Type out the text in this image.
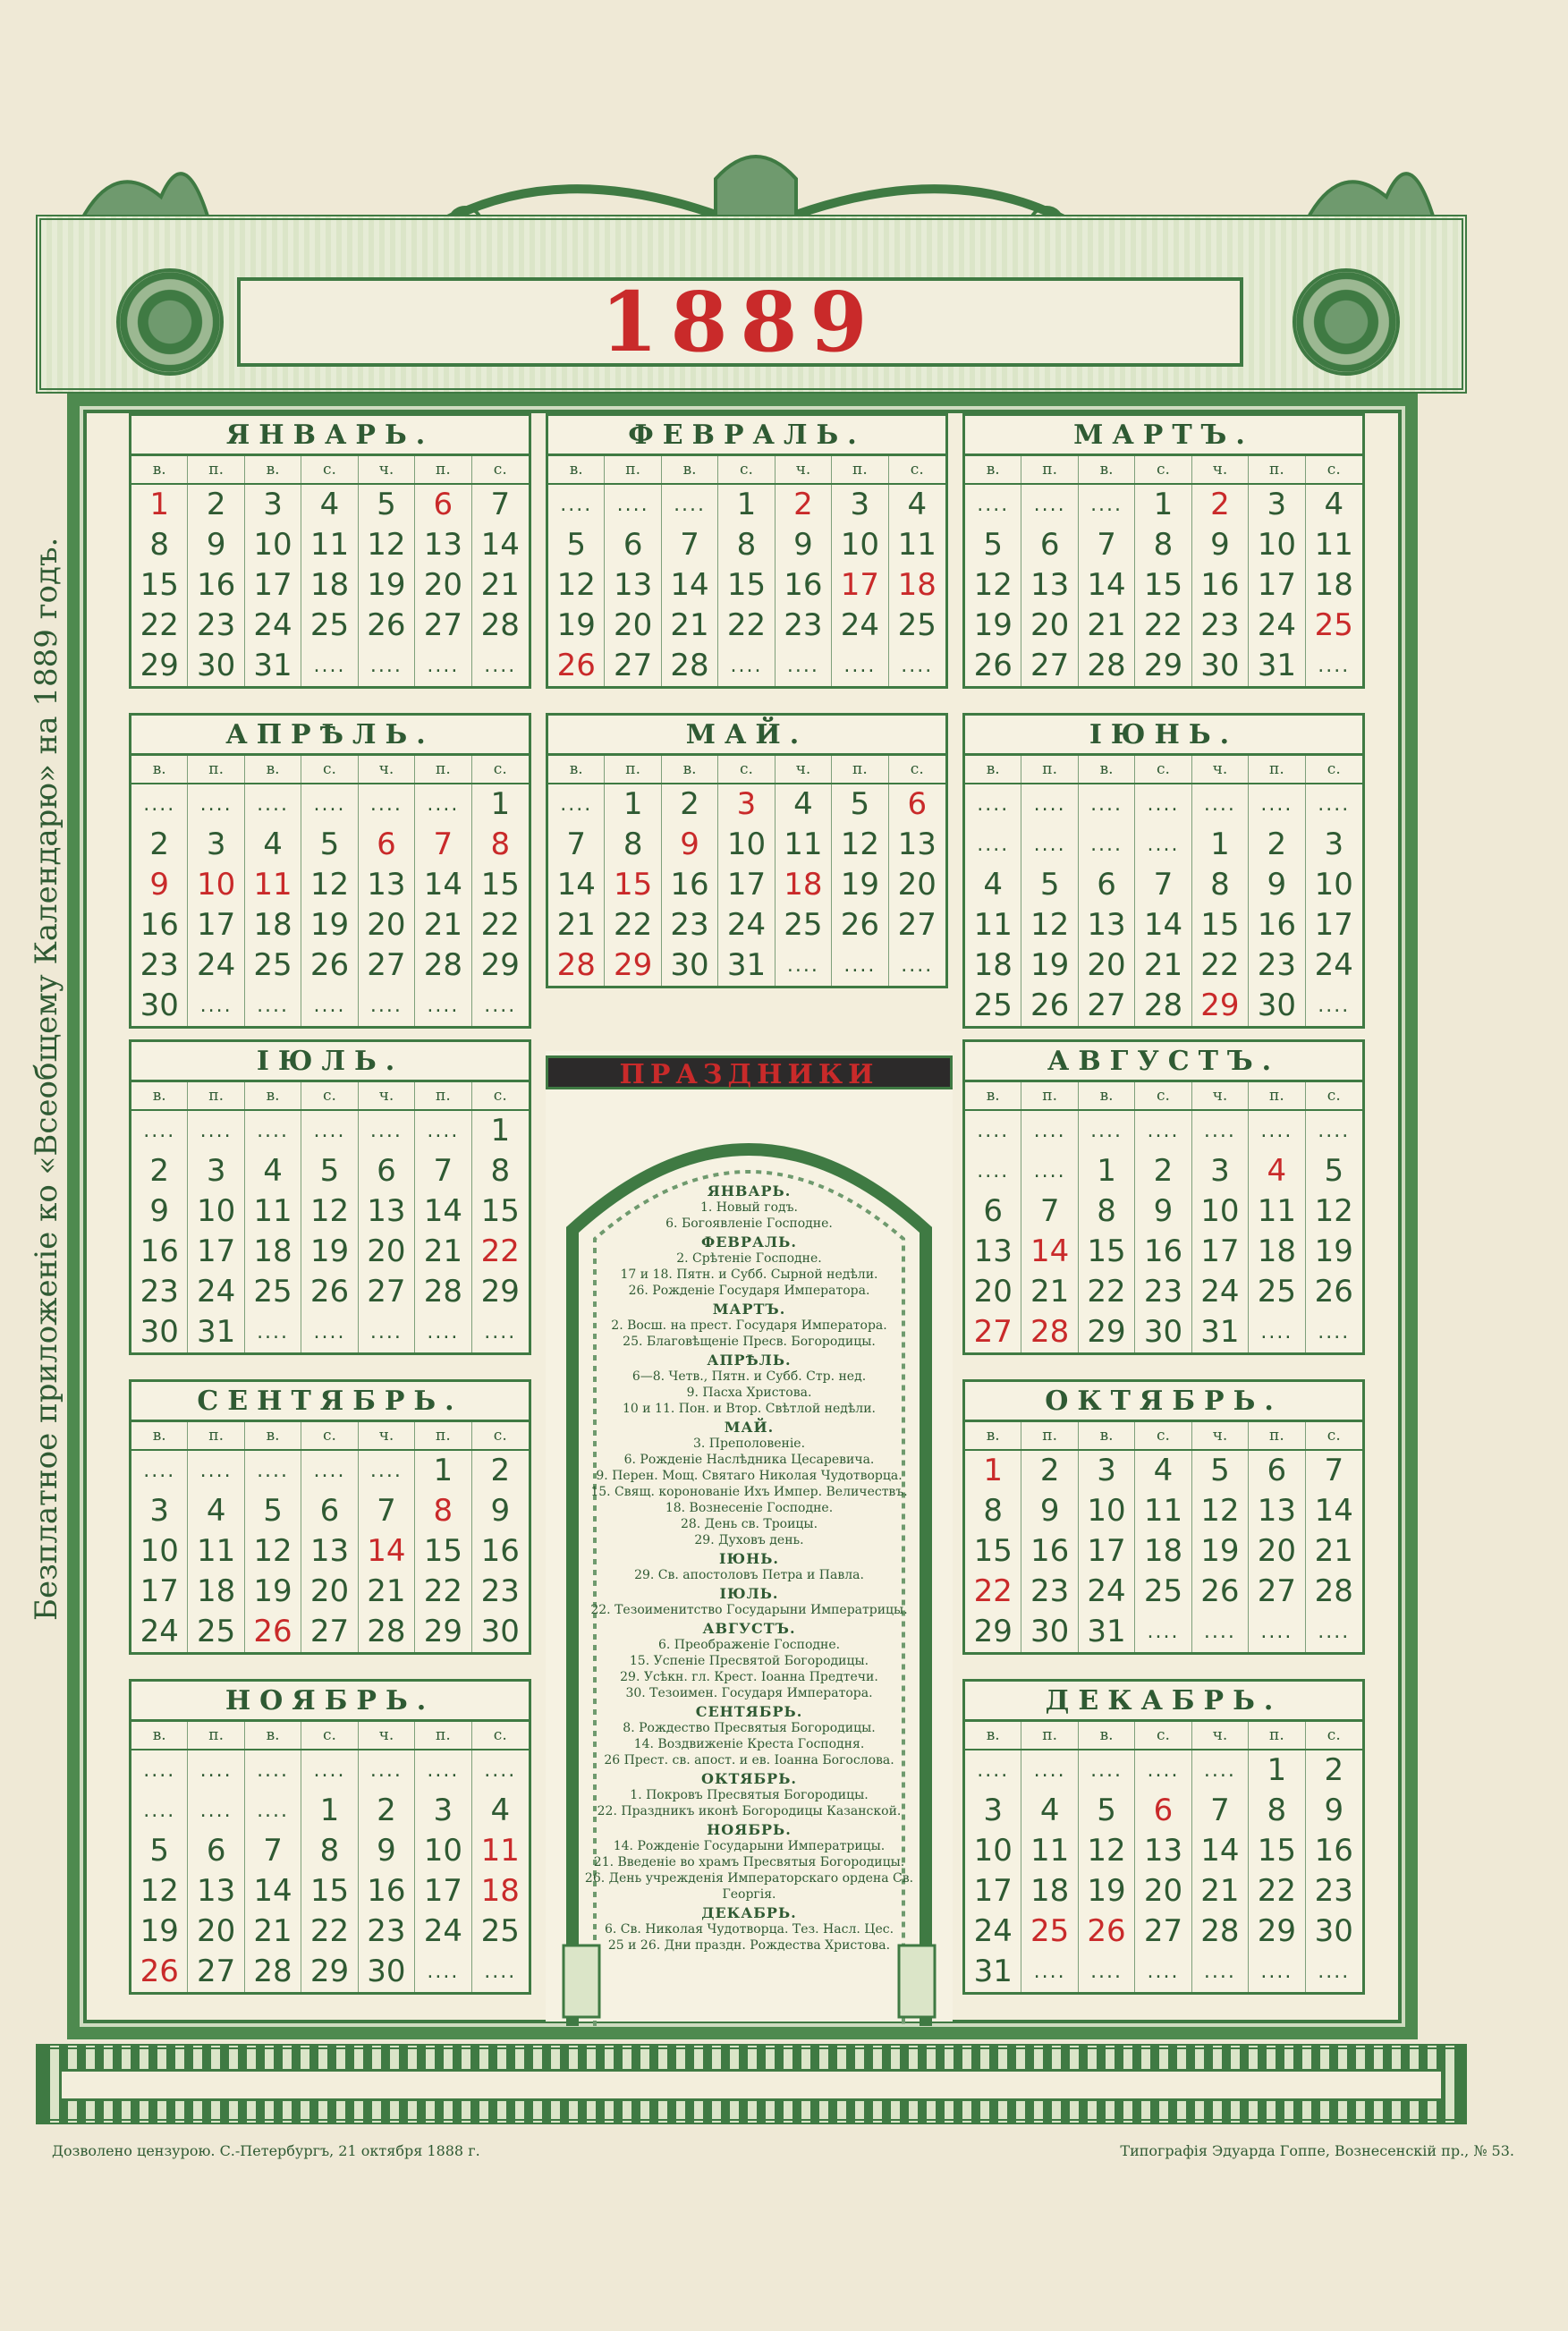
1889
Безплатное приложеніе ко «Всеобщему Календарю» на 1889 годъ.
ЯНВАРЬ.
в.	п.	в.	с.	ч.	п.	с.
1	2	3	4	5	6	7
8	9 10 11 12 13 14
15 16 17 18 19 20 21
22 23 24 25 26 27 28
29 30 31	....	....	....	....
ФЕВРАЛЬ.
в.	п.	в.	с.	ч.	п.	с.
....	....	....	1	2	3	4
5	6	7	8	9 10 11
12 13 14 15 16 17 18
19 20 21 22 23 24 25
26 27 28	....	....	....	....
МАРТЪ.
в.	п.	в.	с.	ч.	п.	с.
....	....	....	1	2	3	4
5	6	7	8	9 10 11
12 13 14 15 16 17 18
19 20 21 22 23 24 25
26 27 28 29 30 31	....
АПРѢЛЬ.
в.	п.	в.	с.	ч.	п.	с.
....	....	....	....	....	....	1
2	3	4	5	6	7	8
9 10 11 12 13 14 15
16 17 18 19 20 21 22
23 24 25 26 27 28 29
30	....	....	....	....	....	....
МАЙ.
в.	п.	в.	с.	ч.	п.	с.
....	1	2	3	4	5	6
7	8	9 10 11 12 13
14 15 16 17 18 19 20
21 22 23 24 25 26 27
28 29 30 31	....	....	....
ІЮНЬ.
в.	п.	в.	с.	ч.	п.	с.
....	....	....	....	....	....	....
....	....	....	....	1	2	3
4	5	6	7	8	9 10
11 12 13 14 15 16 17
18 19 20 21 22 23 24
25 26 27 28 29 30	....
ІЮЛЬ.
в.	п.	в.	с.	ч.	п.	с.
....	....	....	....	....	....	1
2	3	4	5	6	7	8
9 10 11 12 13 14 15
16 17 18 19 20 21 22
23 24 25 26 27 28 29
30 31	....	....	....	....	....
АВГУСТЪ.
в.	п.	в.	с.	ч.	п.	с.
....	....	....	....	....	....	....
....	....	1	2	3	4	5
6	7	8	9 10 11 12
13 14 15 16 17 18 19
20 21 22 23 24 25 26
27 28 29 30 31	....	....
СЕНТЯБРЬ.
в.	п.	в.	с.	ч.	п.	с.
....	....	....	....	....	1	2
3	4	5	6	7	8	9
10 11 12 13 14 15 16
17 18 19 20 21 22 23
24 25 26 27 28 29 30
ОКТЯБРЬ.
в.	п.	в.	с.	ч.	п.	с.
1	2	3	4	5	6	7
8	9 10 11 12 13 14
15 16 17 18 19 20 21
22 23 24 25 26 27 28
29 30 31	....	....	....	....
НОЯБРЬ.
в.	п.	в.	с.	ч.	п.	с.
....	....	....	....	....	....	....
....	....	....	1	2	3	4
5	6	7	8	9 10 11
12 13 14 15 16 17 18
19 20 21 22 23 24 25
26 27 28 29 30	....	....
ДЕКАБРЬ.
в.	п.	в.	с.	ч.	п.	с.
....	....	....	....	....	1	2
3	4	5	6	7	8	9
10 11 12 13 14 15 16
17 18 19 20 21 22 23
24 25 26 27 28 29 30
31	....	....	....	....	....	....
ПРАЗДНИКИ
ЯНВАРЬ.
1. Новый годъ.
6. Богоявленіе Господне.
ФЕВРАЛЬ.
2. Срѣтеніе Господне.
17 и 18. Пятн. и Субб. Сырной недѣли.
26. Рожденіе Государя Императора.
МАРТЪ.
2. Восш. на прест. Государя Императора.
25. Благовѣщеніе Пресв. Богородицы.
АПРѢЛЬ.
6—8. Четв., Пятн. и Субб. Стр. нед.
9. Пасха Христова.
10 и 11. Пон. и Втор. Свѣтлой недѣли.
МАЙ.
3. Преполовеніе.
6. Рожденіе Наслѣдника Цесаревича.
9. Перен. Мощ. Святаго Николая Чудотворца.
15. Свящ. коронованіе Ихъ Импер. Величествъ.
18. Вознесеніе Господне.
28. День св. Троицы.
29. Духовъ день.
ІЮНЬ.
29. Св. апостоловъ Петра и Павла.
ІЮЛЬ.
22. Тезоименитство Государыни Императрицы.
АВГУСТЪ.
6. Преображеніе Господне.
15. Успеніе Пресвятой Богородицы.
29. Усѣкн. гл. Крест. Іоанна Предтечи.
30. Тезоимен. Государя Императора.
СЕНТЯБРЬ.
8. Рождество Пресвятыя Богородицы.
14. Воздвиженіе Креста Господня.
26 Прест. св. апост. и ев. Іоанна Богослова.
ОКТЯБРЬ.
1. Покровъ Пресвятыя Богородицы.
22. Праздникъ иконѣ Богородицы Казанской.
НОЯБРЬ.
14. Рожденіе Государыни Императрицы.
21. Введеніе во храмъ Пресвятыя Богородицы.
26. День учрежденія Императорскаго ордена Св. Георгія.
ДЕКАБРЬ.
6. Св. Николая Чудотворца. Тез. Насл. Цес.
25 и 26. Дни праздн. Рождества Христова.
Дозволено цензурою. С.-Петербургъ, 21 октября 1888 г.	Типографія Эдуарда Гоппе, Вознесенскій пр., № 53.
